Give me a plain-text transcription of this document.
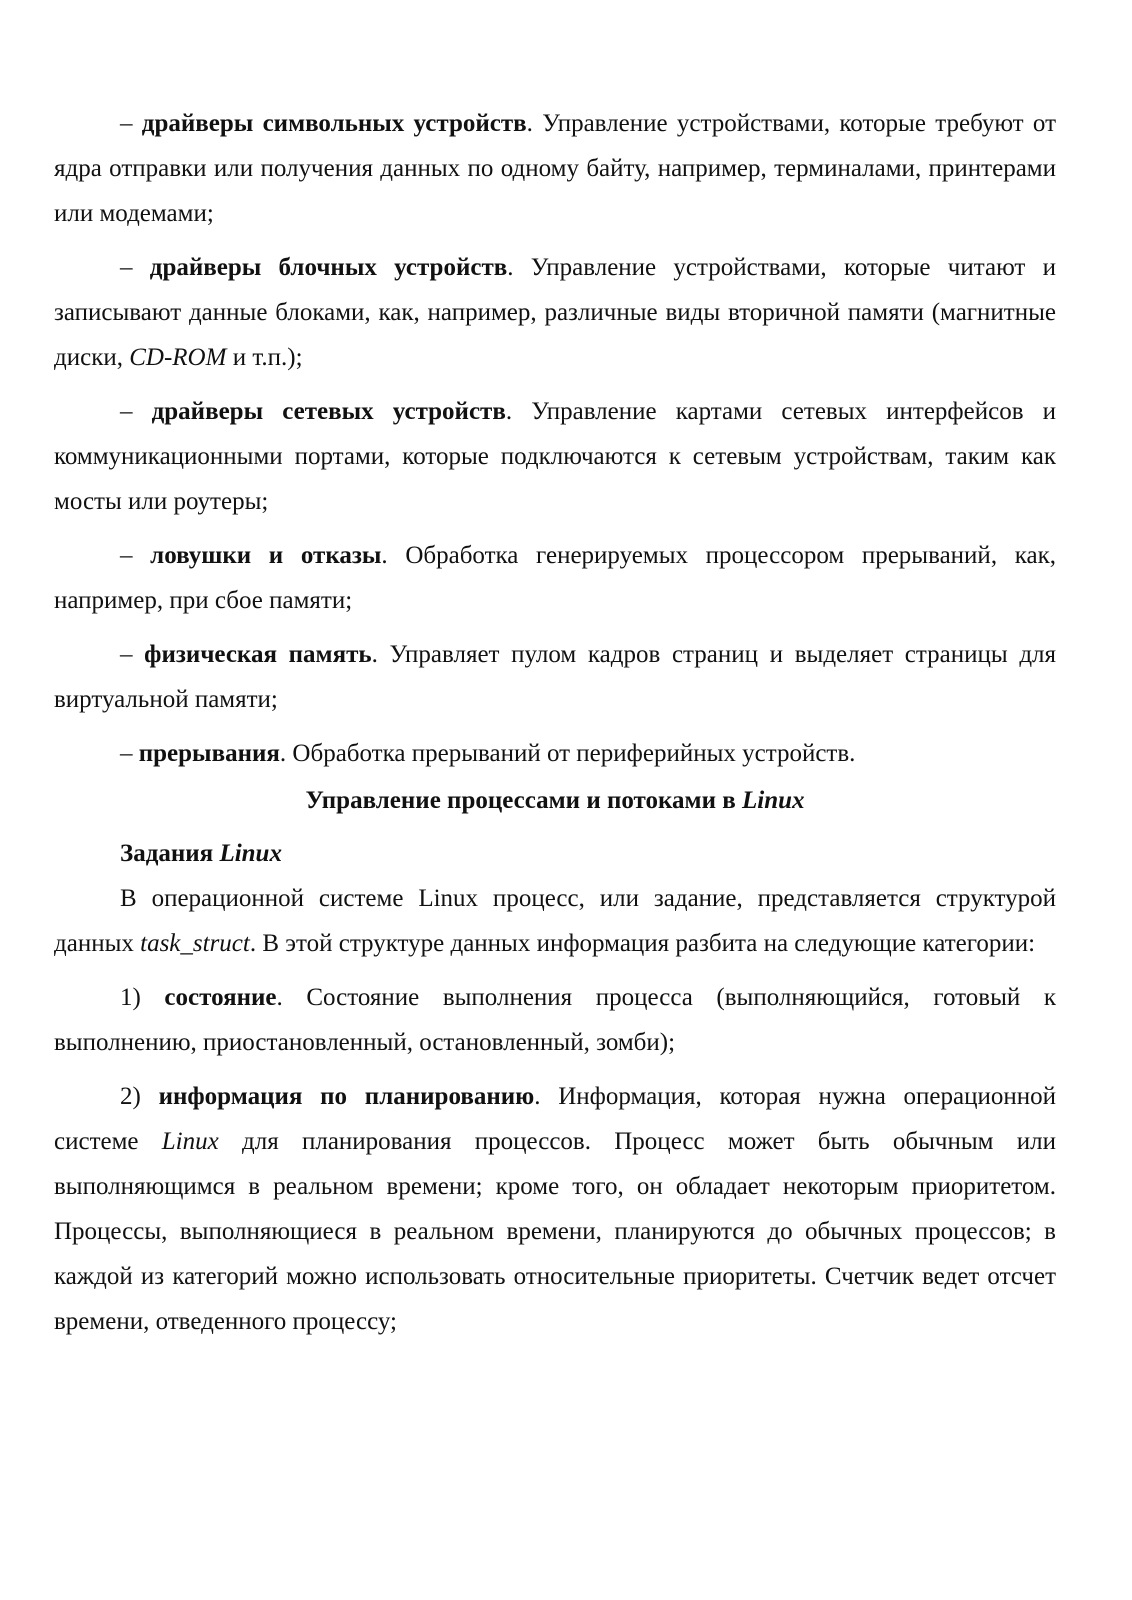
– драйверы символьных устройств. Управление устройствами, которые требуют от ядра отправки или получения данных по одному байту, например, терминалами, принтерами или модемами;

– драйверы блочных устройств. Управление устройствами, которые читают и записывают данные блоками, как, например, различные виды вторичной памяти (магнитные диски, CD-ROM и т.п.);

– драйверы сетевых устройств. Управление картами сетевых интерфейсов и коммуникационными портами, которые подключаются к сетевым устройствам, таким как мосты или роутеры;

– ловушки и отказы. Обработка генерируемых процессором прерываний, как, например, при сбое памяти;

– физическая память. Управляет пулом кадров страниц и выделяет страницы для виртуальной памяти;

– прерывания. Обработка прерываний от периферийных устройств.

Управление процессами и потоками в Linux

Задания Linux

В операционной системе Linux процесс, или задание, представляется структурой данных task_struct. В этой структуре данных информация разбита на следующие категории:

1) состояние. Состояние выполнения процесса (выполняющийся, готовый к выполнению, приостановленный, остановленный, зомби);

2) информация по планированию. Информация, которая нужна операционной системе Linux для планирования процессов. Процесс может быть обычным или выполняющимся в реальном времени; кроме того, он обладает некоторым приоритетом. Процессы, выполняющиеся в реальном времени, планируются до обычных процессов; в каждой из категорий можно использовать относительные приоритеты. Счетчик ведет отсчет времени, отведенного процессу;
